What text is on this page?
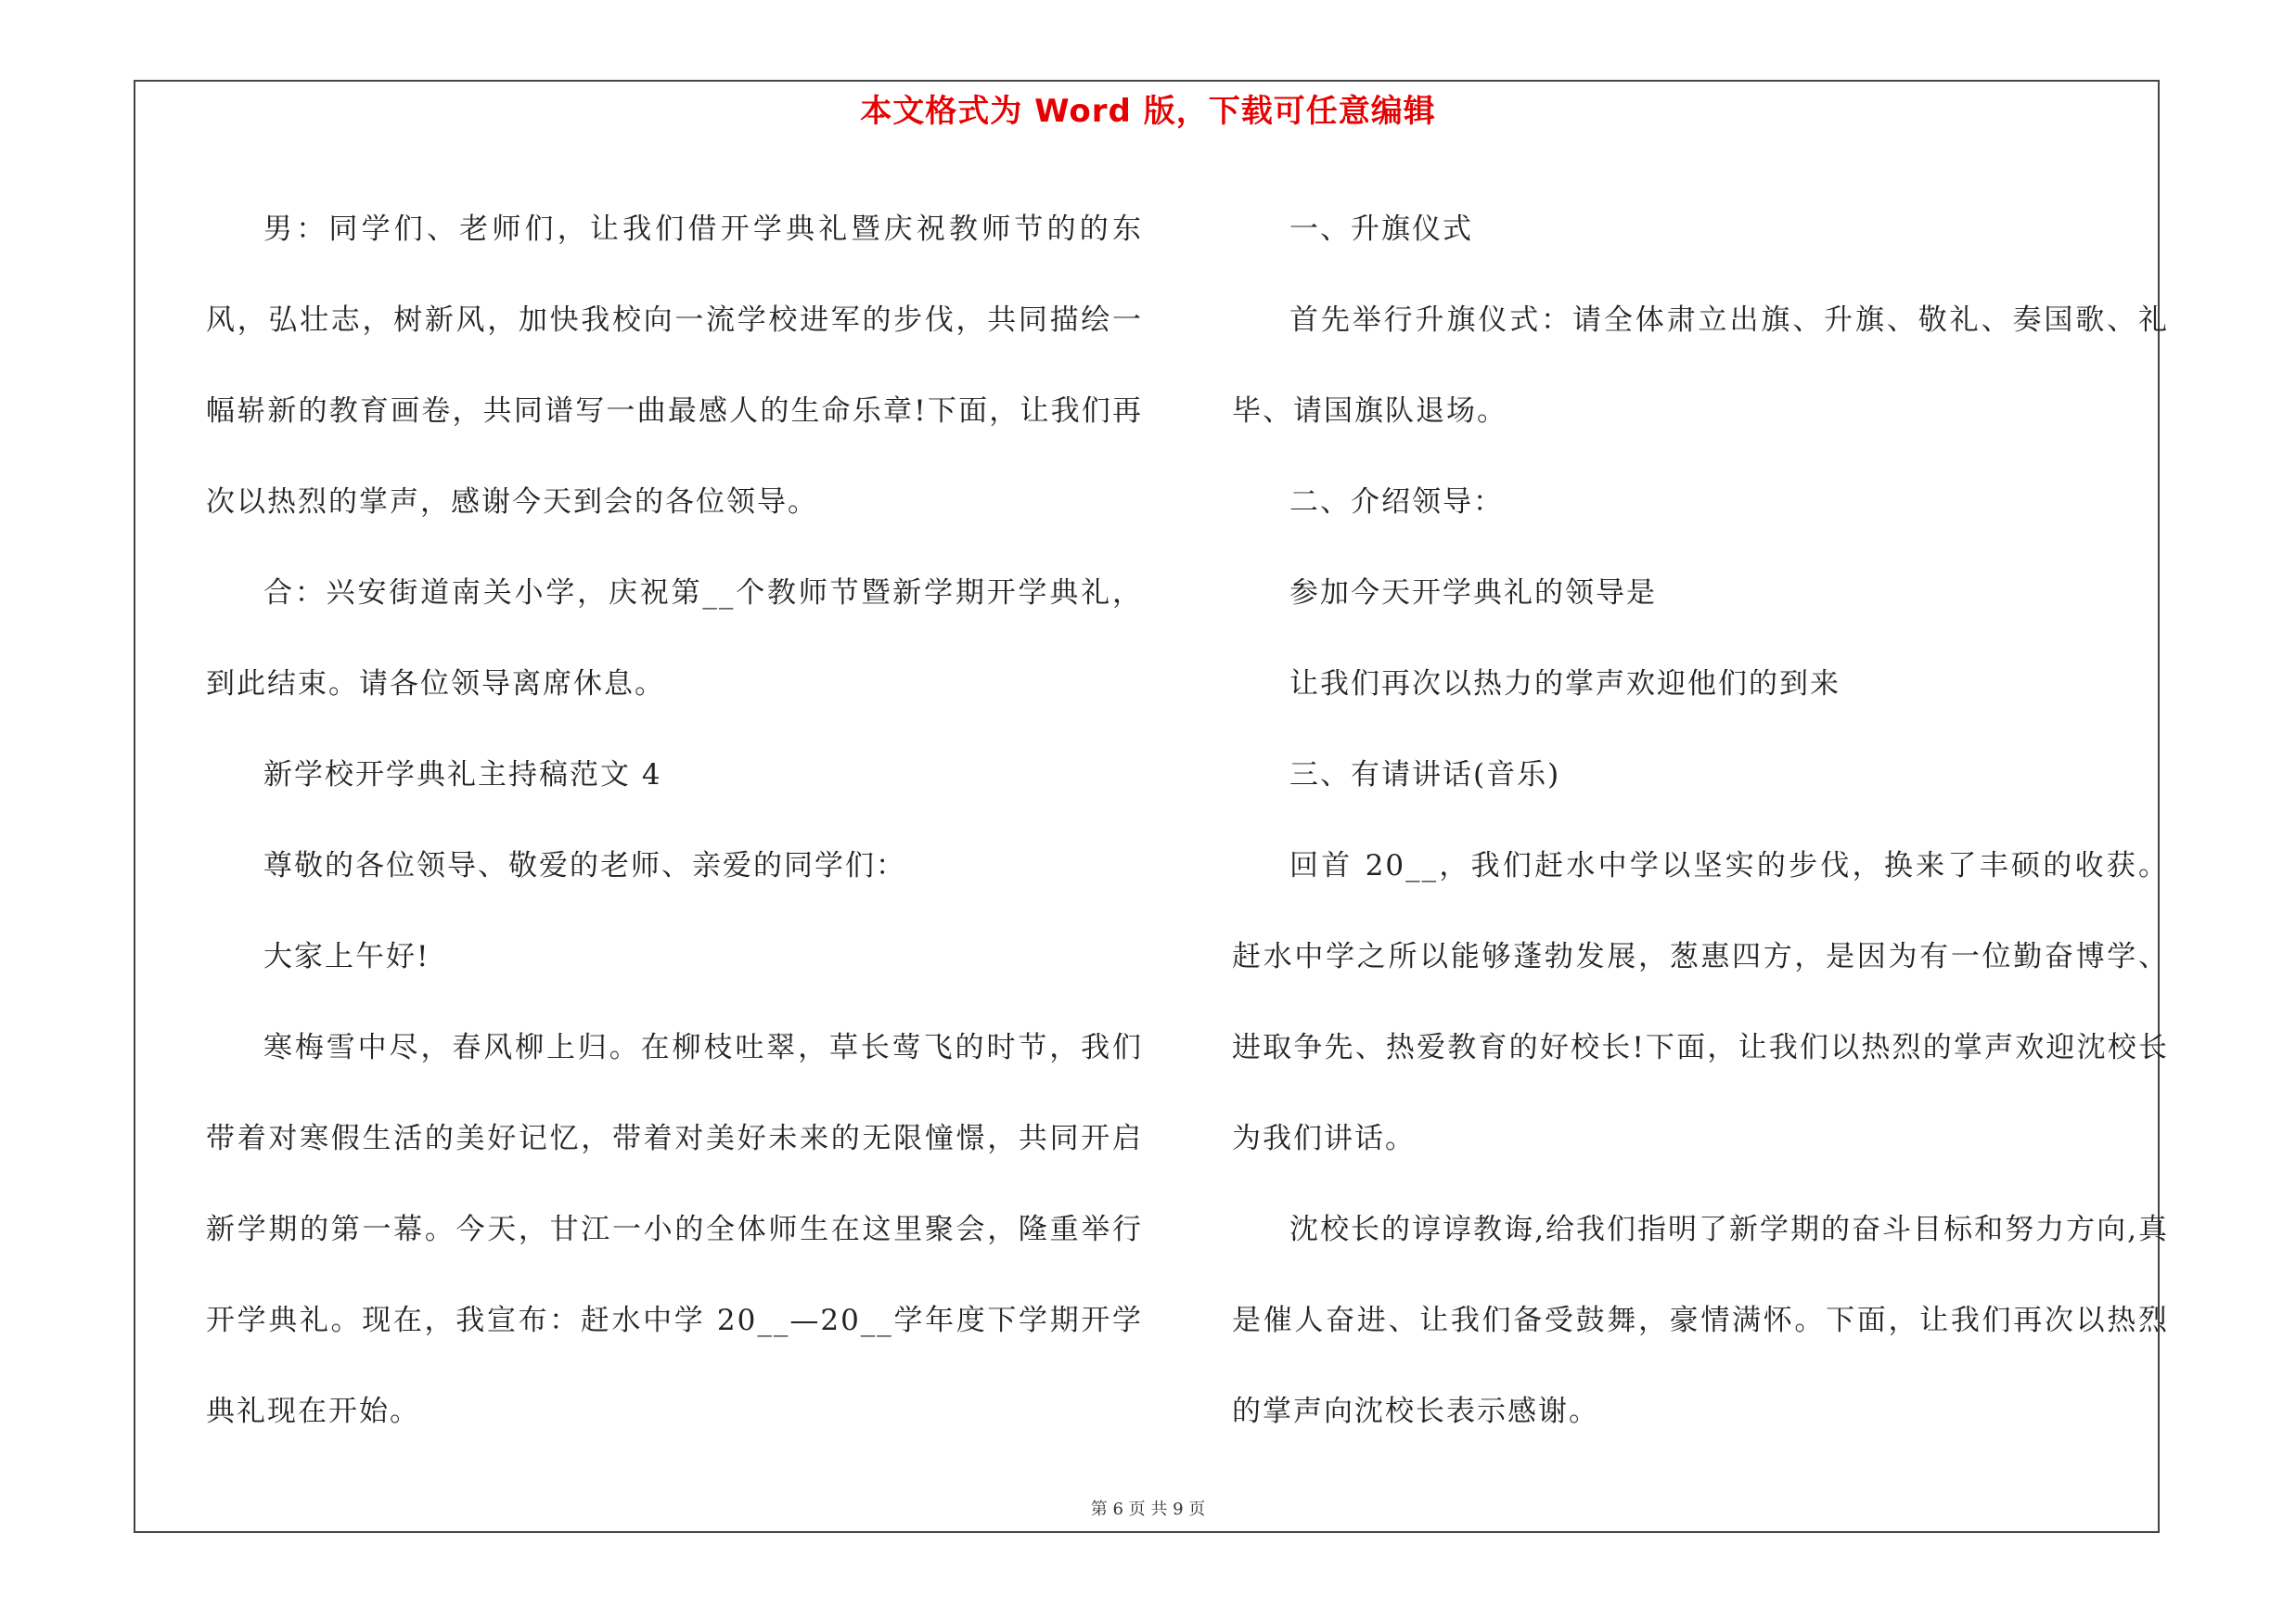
本文格式为 Word 版，下载可任意编辑

男：同学们、老师们，让我们借开学典礼暨庆祝教师节的的东风，弘壮志，树新风，加快我校向一流学校进军的步伐，共同描绘一幅崭新的教育画卷，共同谱写一曲最感人的生命乐章!下面，让我们再次以热烈的掌声，感谢今天到会的各位领导。

合：兴安街道南关小学，庆祝第__个教师节暨新学期开学典礼，到此结束。请各位领导离席休息。

新学校开学典礼主持稿范文 4

尊敬的各位领导、敬爱的老师、亲爱的同学们：

大家上午好!

寒梅雪中尽，春风柳上归。在柳枝吐翠，草长莺飞的时节，我们带着对寒假生活的美好记忆，带着对美好未来的无限憧憬，共同开启新学期的第一幕。今天，甘江一小的全体师生在这里聚会，隆重举行开学典礼。现在，我宣布：赶水中学 20__—20__学年度下学期开学典礼现在开始。

一、升旗仪式

首先举行升旗仪式：请全体肃立出旗、升旗、敬礼、奏国歌、礼毕、请国旗队退场。

二、介绍领导：

参加今天开学典礼的领导是

让我们再次以热力的掌声欢迎他们的到来

三、有请讲话(音乐)

回首 20__，我们赶水中学以坚实的步伐，换来了丰硕的收获。赶水中学之所以能够蓬勃发展，葱惠四方，是因为有一位勤奋博学、进取争先、热爱教育的好校长!下面，让我们以热烈的掌声欢迎沈校长为我们讲话。

沈校长的谆谆教诲,给我们指明了新学期的奋斗目标和努力方向,真是催人奋进、让我们备受鼓舞，豪情满怀。下面，让我们再次以热烈的掌声向沈校长表示感谢。

第 6 页 共 9 页
